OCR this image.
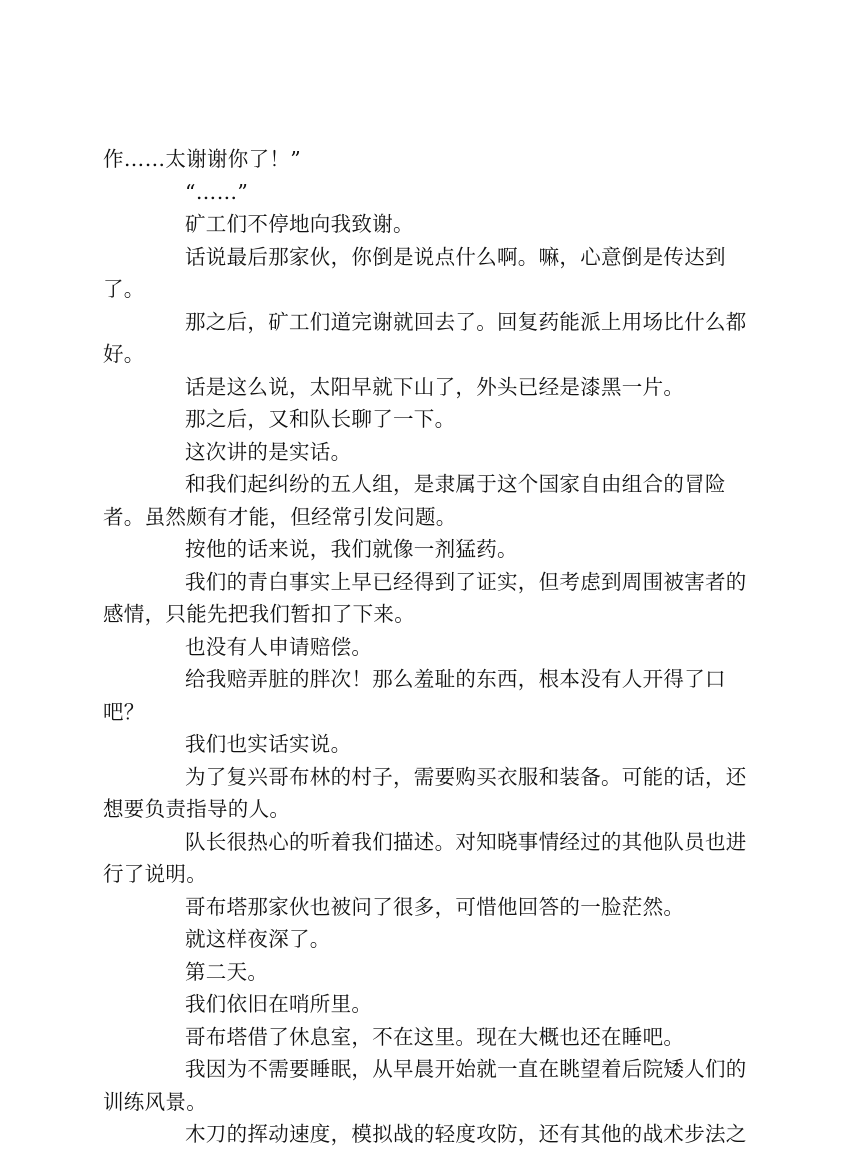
作……太谢谢你了！”

“……”

矿工们不停地向我致谢。

话说最后那家伙，你倒是说点什么啊。嘛，心意倒是传达到了。

那之后，矿工们道完谢就回去了。回复药能派上用场比什么都好。

话是这么说，太阳早就下山了，外头已经是漆黑一片。

那之后，又和队长聊了一下。

这次讲的是实话。

和我们起纠纷的五人组，是隶属于这个国家自由组合的冒险者。虽然颇有才能，但经常引发问题。

按他的话来说，我们就像一剂猛药。

我们的青白事实上早已经得到了证实，但考虑到周围被害者的感情，只能先把我们暂扣了下来。

也没有人申请赔偿。

给我赔弄脏的胖次！那么羞耻的东西，根本没有人开得了口吧？

我们也实话实说。

为了复兴哥布林的村子，需要购买衣服和装备。可能的话，还想要负责指导的人。

队长很热心的听着我们描述。对知晓事情经过的其他队员也进行了说明。

哥布塔那家伙也被问了很多，可惜他回答的一脸茫然。

就这样夜深了。

第二天。

我们依旧在哨所里。

哥布塔借了休息室，不在这里。现在大概也还在睡吧。

我因为不需要睡眠，从早晨开始就一直在眺望着后院矮人们的训练风景。

木刀的挥动速度，模拟战的轻度攻防，还有其他的战术步法之
